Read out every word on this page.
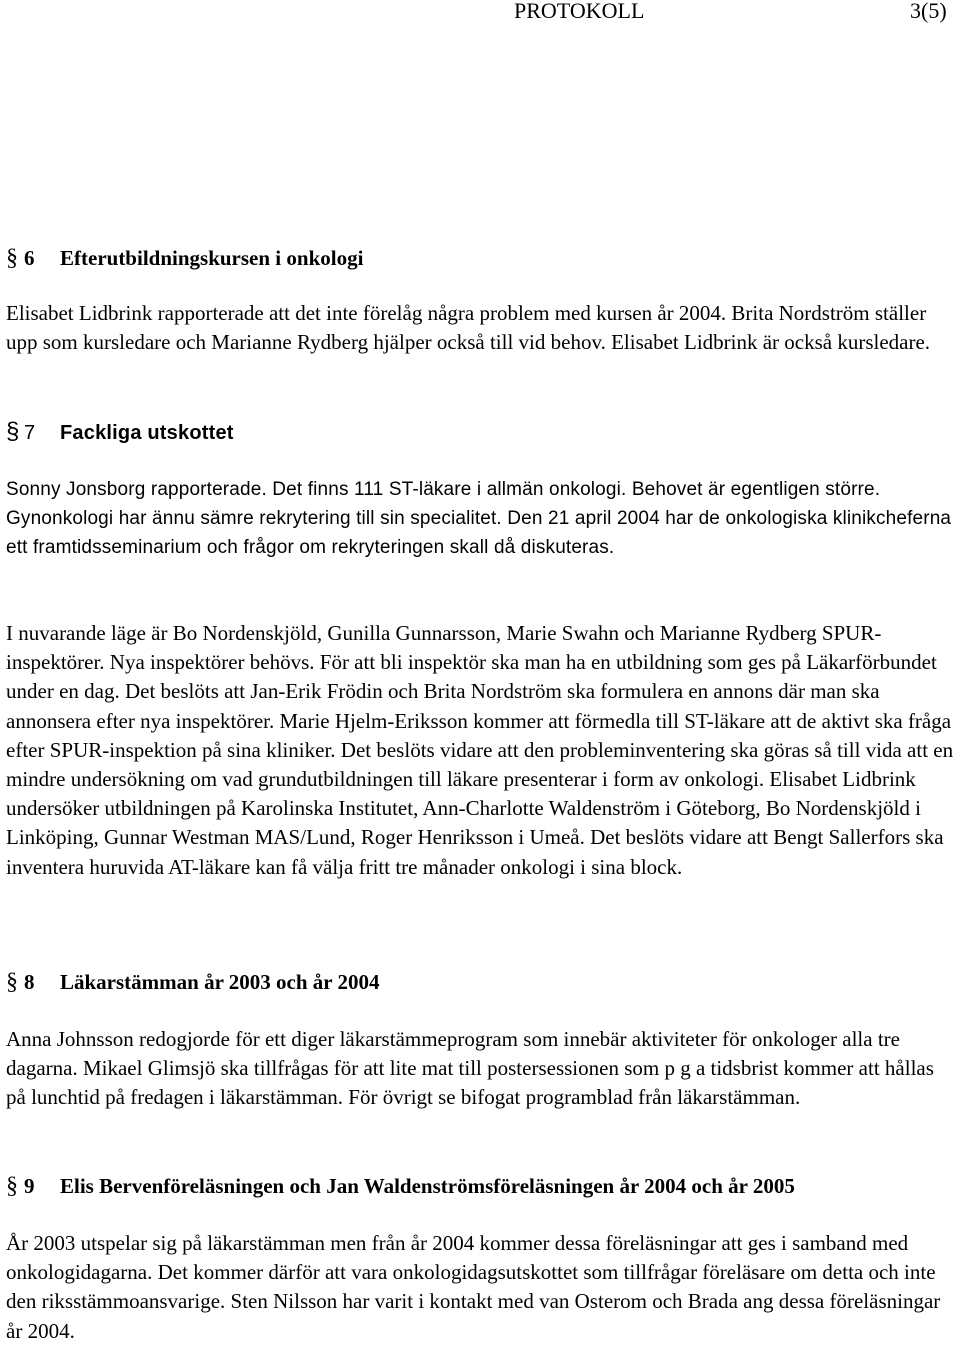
PROTOKOLL	3(5)
§ 6 Efterutbildningskursen i onkologi

Elisabet Lidbrink rapporterade att det inte förelåg några problem med kursen år 2004. Brita Nordström ställer upp som kursledare och Marianne Rydberg hjälper också till vid behov. Elisabet Lidbrink är också kursledare.

§ 7 Fackliga utskottet

Sonny Jonsborg rapporterade. Det finns 111 ST-läkare i allmän onkologi. Behovet är egentligen större. Gynonkologi har ännu sämre rekrytering till sin specialitet. Den 21 april 2004 har de onkologiska klinikcheferna ett framtidsseminarium och frågor om rekryteringen skall då diskuteras.

I nuvarande läge är Bo Nordenskjöld, Gunilla Gunnarsson, Marie Swahn och Marianne Rydberg SPUR-inspektörer. Nya inspektörer behövs. För att bli inspektör ska man ha en utbildning som ges på Läkarförbundet under en dag. Det beslöts att Jan-Erik Frödin och Brita Nordström ska formulera en annons där man ska annonsera efter nya inspektörer. Marie Hjelm-Eriksson kommer att förmedla till ST-läkare att de aktivt ska fråga efter SPUR-inspektion på sina kliniker. Det beslöts vidare att den probleminventering ska göras så till vida att en mindre undersökning om vad grundutbildningen till läkare presenterar i form av onkologi. Elisabet Lidbrink undersöker utbildningen på Karolinska Institutet, Ann-Charlotte Waldenström i Göteborg, Bo Nordenskjöld i Linköping, Gunnar Westman MAS/Lund, Roger Henriksson i Umeå. Det beslöts vidare att Bengt Sallerfors ska inventera huruvida AT-läkare kan få välja fritt tre månader onkologi i sina block.

§ 8 Läkarstämman år 2003 och år 2004

Anna Johnsson redogjorde för ett diger läkarstämmeprogram som innebär aktiviteter för onkologer alla tre dagarna. Mikael Glimsjö ska tillfrågas för att lite mat till postersessionen som p g a tidsbrist kommer att hållas på lunchtid på fredagen i läkarstämman. För övrigt se bifogat programblad från läkarstämman.

§ 9 Elis Bervenföreläsningen och Jan Waldenströmsföreläsningen år 2004 och år 2005

År 2003 utspelar sig på läkarstämman men från år 2004 kommer dessa föreläsningar att ges i samband med onkologidagarna. Det kommer därför att vara onkologidagsutskottet som tillfrågar föreläsare om detta och inte den riksstämmoansvarige. Sten Nilsson har varit i kontakt med van Osterom och Brada ang dessa föreläsningar år 2004.
